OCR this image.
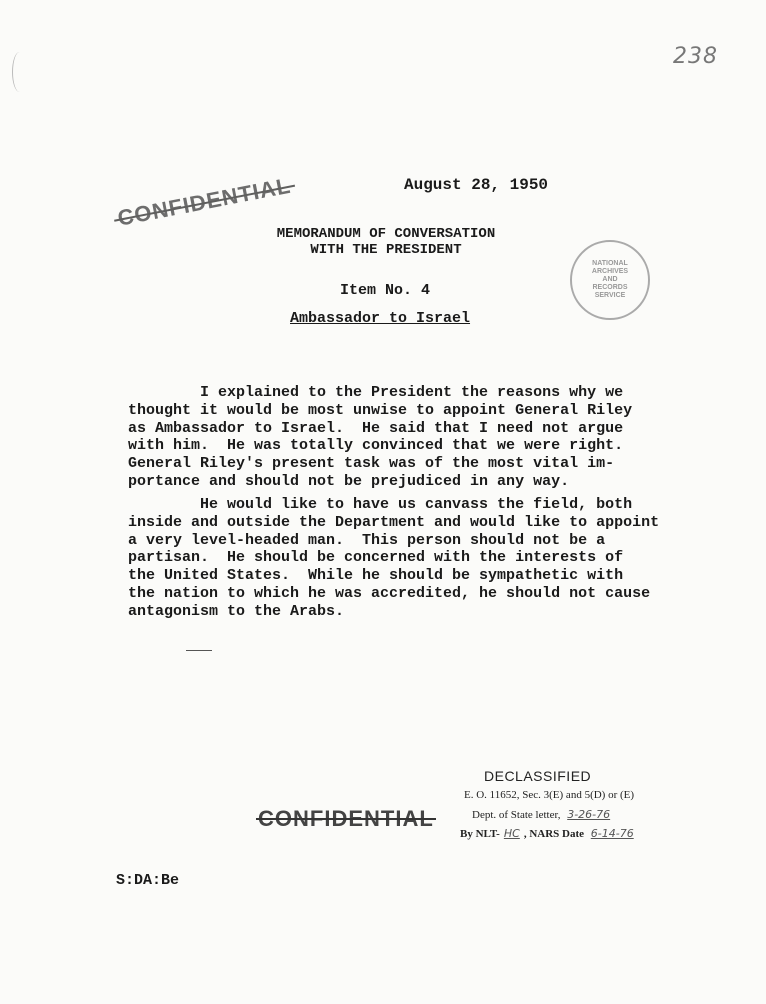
238
August 28, 1950
CONFIDENTIAL
MEMORANDUM OF CONVERSATION
WITH THE PRESIDENT
Item No. 4
Ambassador to Israel
NATIONAL ARCHIVES AND RECORDS SERVICE
I explained to the President the reasons why we
thought it would be most unwise to appoint General Riley
as Ambassador to Israel.  He said that I need not argue
with him.  He was totally convinced that we were right.
General Riley's present task was of the most vital im-
portance and should not be prejudiced in any way.
He would like to have us canvass the field, both
inside and outside the Department and would like to appoint
a very level-headed man.  This person should not be a
partisan.  He should be concerned with the interests of
the United States.  While he should be sympathetic with
the nation to which he was accredited, he should not cause
antagonism to the Arabs.
CONFIDENTIAL
DECLASSIFIED
E. O. 11652, Sec. 3(E) and 5(D) or (E)
Dept. of State letter, 3-26-76
By NLT- HC , NARS Date 6-14-76
S:DA:Be
